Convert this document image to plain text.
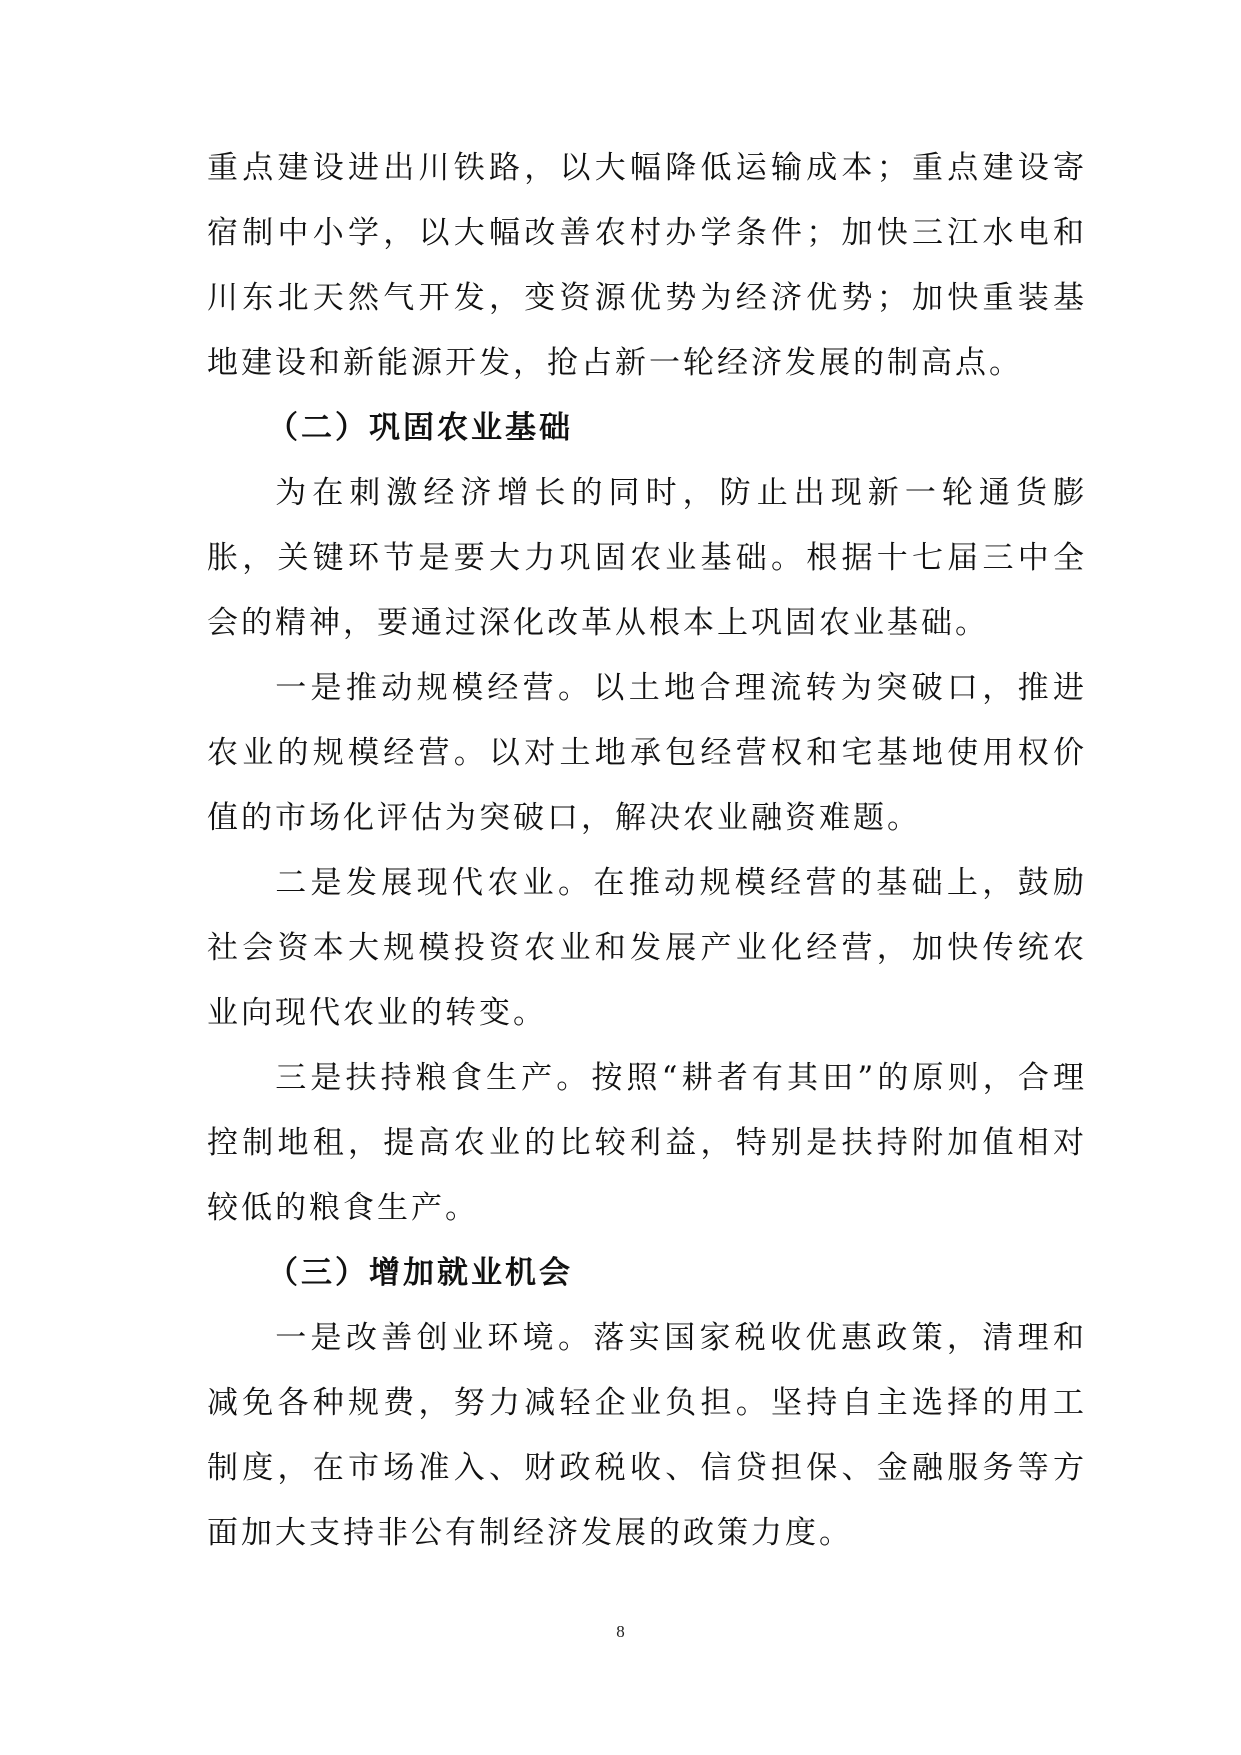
重点建设进出川铁路，以大幅降低运输成本；重点建设寄宿制中小学，以大幅改善农村办学条件；加快三江水电和川东北天然气开发，变资源优势为经济优势；加快重装基地建设和新能源开发，抢占新一轮经济发展的制高点。

（二）巩固农业基础

为在刺激经济增长的同时，防止出现新一轮通货膨胀，关键环节是要大力巩固农业基础。根据十七届三中全会的精神，要通过深化改革从根本上巩固农业基础。

一是推动规模经营。以土地合理流转为突破口，推进农业的规模经营。以对土地承包经营权和宅基地使用权价值的市场化评估为突破口，解决农业融资难题。

二是发展现代农业。在推动规模经营的基础上，鼓励社会资本大规模投资农业和发展产业化经营，加快传统农业向现代农业的转变。

三是扶持粮食生产。按照“耕者有其田”的原则，合理控制地租，提高农业的比较利益，特别是扶持附加值相对较低的粮食生产。

（三）增加就业机会

一是改善创业环境。落实国家税收优惠政策，清理和减免各种规费，努力减轻企业负担。坚持自主选择的用工制度，在市场准入、财政税收、信贷担保、金融服务等方面加大支持非公有制经济发展的政策力度。

8
